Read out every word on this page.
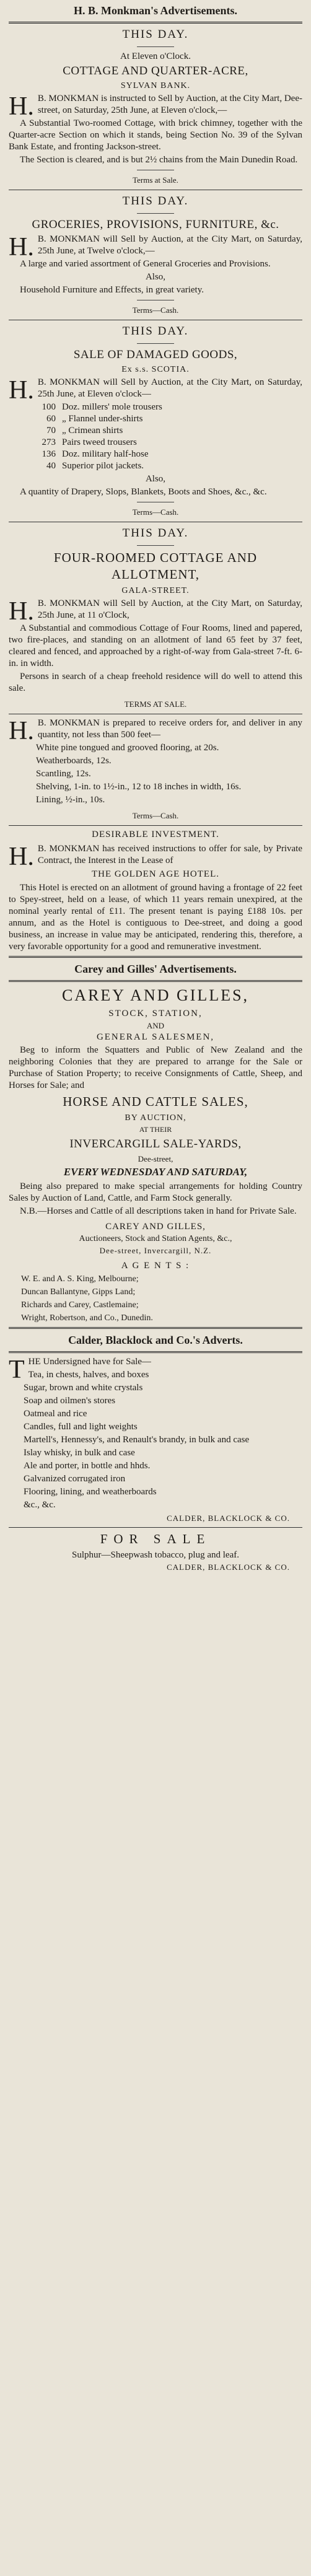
H. B. Monkman's Advertisements.
THIS DAY.
At Eleven o'Clock.
COTTAGE AND QUARTER-ACRE,
SYLVAN BANK.

H.B. MONKMAN is instructed to Sell by Auction, at the City Mart, Dee-street, on Saturday, 25th June, at Eleven o'clock,—

A Substantial Two-roomed Cottage, with brick chimney, together with the Quarter-acre Section on which it stands, being Section No. 39 of the Sylvan Bank Estate, and fronting Jackson-street.

The Section is cleared, and is but 2½ chains from the Main Dunedin Road.

Terms at Sale.
THIS DAY.
GROCERIES, PROVISIONS, FURNITURE, &c.

H.B. MONKMAN will Sell by Auction, at the City Mart, on Saturday, 25th June, at Twelve o'clock,—

A large and varied assortment of General Groceries and Provisions.

Also,

Household Furniture and Effects, in great variety.

Terms—Cash.
THIS DAY.
SALE OF DAMAGED GOODS,
Ex s.s. SCOTIA.

H.B. MONKMAN will Sell by Auction, at the City Mart, on Saturday, 25th June, at Eleven o'clock—

100 Doz. millers' mole trousers
60 „ Flannel under-shirts
70 „ Crimean shirts
273 Pairs tweed trousers
136 Doz. military half-hose
40 Superior pilot jackets.
Also,

A quantity of Drapery, Slops, Blankets, Boots and Shoes, &c., &c.

Terms—Cash.
THIS DAY.
FOUR-ROOMED COTTAGE AND ALLOTMENT,
GALA-STREET.

H.B. MONKMAN will Sell by Auction, at the City Mart, on Saturday, 25th June, at 11 o'Clock,

A Substantial and commodious Cottage of Four Rooms, lined and papered, two fire-places, and standing on an allotment of land 65 feet by 37 feet, cleared and fenced, and approached by a right-of-way from Gala-street 7-ft. 6-in. in width.

Persons in search of a cheap freehold residence will do well to attend this sale.

TERMS AT SALE.

H.B. MONKMAN is prepared to receive orders for, and deliver in any quantity, not less than 500 feet—

White pine tongued and grooved flooring, at 20s.
Weatherboards, 12s.
Scantling, 12s.
Shelving, 1-in. to 1½-in., 12 to 18 inches in width, 16s.
Lining, ½-in., 10s.
Terms—Cash.
DESIRABLE INVESTMENT.

H.B. MONKMAN has received instructions to offer for sale, by Private Contract, the Interest in the Lease of

THE GOLDEN AGE HOTEL.

This Hotel is erected on an allotment of ground having a frontage of 22 feet to Spey-street, held on a lease, of which 11 years remain unexpired, at the nominal yearly rental of £11. The present tenant is paying £188 10s. per annum, and as the Hotel is contiguous to Dee-street, and doing a good business, an increase in value may be anticipated, rendering this, therefore, a very favorable opportunity for a good and remunerative investment.

Carey and Gilles' Advertisements.
CAREY AND GILLES,
STOCK, STATION,
AND
GENERAL SALESMEN,

Beg to inform the Squatters and Public of New Zealand and the neighboring Colonies that they are prepared to arrange for the Sale or Purchase of Station Property; to receive Consignments of Cattle, Sheep, and Horses for Sale; and

HORSE AND CATTLE SALES,
BY AUCTION,
AT THEIR
INVERCARGILL SALE-YARDS,
Dee-street,
EVERY WEDNESDAY AND SATURDAY,

Being also prepared to make special arrangements for holding Country Sales by Auction of Land, Cattle, and Farm Stock generally.

N.B.—Horses and Cattle of all descriptions taken in hand for Private Sale.

CAREY AND GILLES,
Auctioneers, Stock and Station Agents, &c.,
Dee-street, Invercargill, N.Z.
A G E N T S :
W. E. and A. S. King, Melbourne;
Duncan Ballantyne, Gipps Land;
Richards and Carey, Castlemaine;
Wright, Robertson, and Co., Dunedin.
Calder, Blacklock and Co.'s Adverts.

THE Undersigned have for Sale—

Tea, in chests, halves, and boxes
Sugar, brown and white crystals
Soap and oilmen's stores
Oatmeal and rice
Candles, full and light weights
Martell's, Hennessy's, and Renault's brandy, in bulk and case
Islay whisky, in bulk and case
Ale and porter, in bottle and hhds.
Galvanized corrugated iron
Flooring, lining, and weatherboards
&c., &c.
CALDER, BLACKLOCK & CO.
FOR SALE
Sulphur—Sheepwash tobacco, plug and leaf.
CALDER, BLACKLOCK & CO.
